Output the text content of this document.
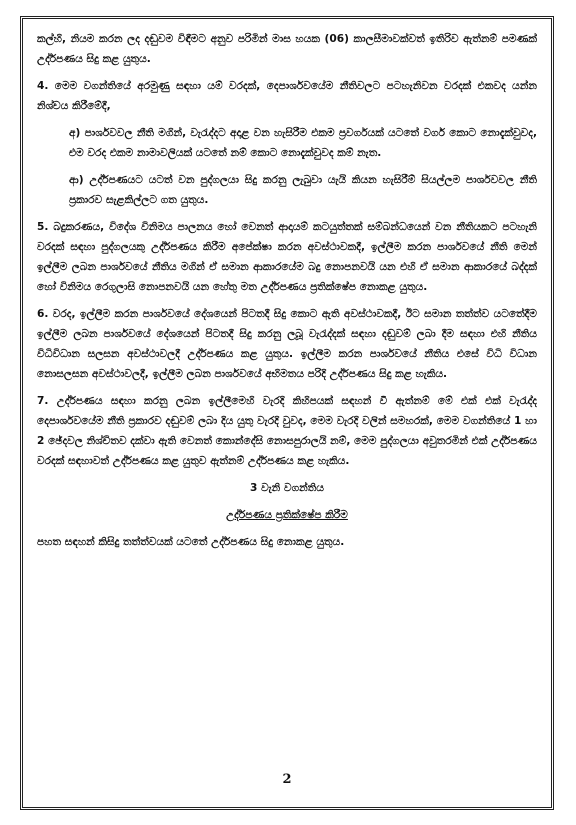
කල්හි, නියම කරන ලද දඬුවම විඳීමට අනුව පරිමින් මාස හයක (06) කාලසීමාවක්වත් ඉතිරිව ඇත්නම් පමණක් උද්ර්පණය සිදු කළ යුතුය.

4. මෙම වගන්තියේ අරමුණු සඳහා යම් වරදක්, දෙපාර්ශවයේම නීතිවලට පටහැනිවන වරදක් එකවද යන්න නිශ්චය කිරීමේදී,

අ) පාර්ශවවල නීති මගින්, වැරැද්දට අදාළ වන හැසිරීම එකම ප්‍රවර්ගයක් යටතේ වර්ග කොට නොදැක්වුවද, එම වරද එකම නාමාවලියක් යටතේ නම් කොට නොදැක්වුවද කම් නැත.

ආ) උද්ර්පණයට යටත් වන පුද්ගලයා සිදු කරනු ලැබුවා යැයි කියන හැසිරීම් සියල්ලම පාර්ශවවල නීති ප්‍රකාරව සැළකිල්ලට ගත යුතුය.

5. බදුකරණය, විදේශ විනිමය පාලනය හෝ වෙනත් ආදායම් කටයුත්තක් සම්බන්ධයෙන් වන නීතියකට පටහැනි වරදක් සඳහා පුද්ගලයකු උද්ර්පණය කිරීම අපේක්ෂා කරන අවස්ථාවකදී, ඉල්ලීම කරන පාර්ශවයේ නීති මෙන් ඉල්ලීම ලබන පාර්ශවයේ නීතිය මගින් ඒ සමාන ආකාරයේම බදු නොපනවයි යන එහි ඒ සමාන ආකාරයේ බද්දක් හෝ විනිමය රෙගුලාසි නොපනවයි යන හේතු මත උද්ර්පණය ප්‍රතික්ෂේප නොකළ යුතුය.

6. වරද, ඉල්ලීම කරන පාර්ශවයේ දේශයෙන් පිටතදී සිදු කොට ඇති අවස්ථාවකදී, ඊට සමාන තත්ත්ව යටතේදීම ඉල්ලීම ලබන පාර්ශවයේ දේශයෙන් පිටතදී සිදු කරනු ලබූ වැරැද්දක් සඳහා දඬුවම් ලබා දීම සඳහා එහි නීතිය විධිවිධාන සලසන අවස්ථාවලදී උද්ර්පණය කළ යුතුය. ඉල්ලීම කරන පාර්ශවයේ නීතිය එසේ විධි විධාන නොසලසන අවස්ථාවලදී, ඉල්ලීම ලබන පාර්ශවයේ අභිමතය පරිදි උද්ර්පණය සිදු කළ හැකිය.

7. උද්ර්පණය සඳහා කරනු ලබන ඉල්ලීමෙහි වැරදි කිහිපයක් සඳහන් වී ඇත්නම් මේ එක් එක් වැරැද්ද දෙපාර්ශවයේම නීති ප්‍රකාරව දඬුවම් ලබා දිය යුතු වැරදි වුවද, මෙම වැරදි වලින් සමහරක්, මෙම වගන්තියේ 1 හා 2 ඡේදවල නිශ්චිතව දක්වා ඇති වෙනත් කොන්දේසි නොසපුරාලයි නම්, මෙම පුද්ගලයා අවුතරමින් එක් උද්ර්පණය වරදක් සඳහාවත් උද්ර්පණය කළ යුතුව ඇත්නම් උද්ර්පණය කළ හැකිය.

3 වැනි වගන්තිය

උද්ර්පණය ප්‍රතික්ෂේප කිරීම

පහත සඳහන් කිසිදු තත්ත්වයක් යටතේ උද්ර්පණය සිදු නොකළ යුතුය.

2
